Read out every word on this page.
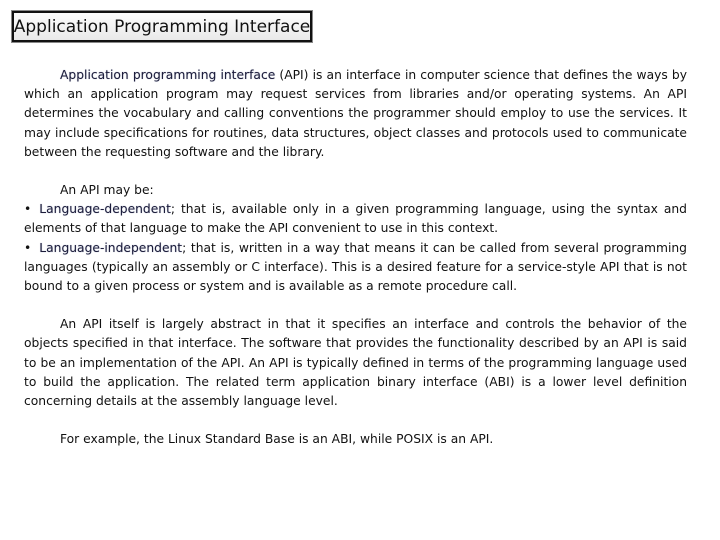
Application Programming Interface

Application programming interface (API) is an interface in computer science that defines the ways by which an application program may request services from libraries and/or operating systems. An API determines the vocabulary and calling conventions the programmer should employ to use the services. It may include specifications for routines, data structures, object classes and protocols used to communicate between the requesting software and the library.

An API may be:

• Language-dependent; that is, available only in a given programming language, using the syntax and elements of that language to make the API convenient to use in this context.

• Language-independent; that is, written in a way that means it can be called from several programming languages (typically an assembly or C interface). This is a desired feature for a service-style API that is not bound to a given process or system and is available as a remote procedure call.

An API itself is largely abstract in that it specifies an interface and controls the behavior of the objects specified in that interface. The software that provides the functionality described by an API is said to be an implementation of the API. An API is typically defined in terms of the programming language used to build the application. The related term application binary interface (ABI) is a lower level definition concerning details at the assembly language level.

For example, the Linux Standard Base is an ABI, while POSIX is an API.
